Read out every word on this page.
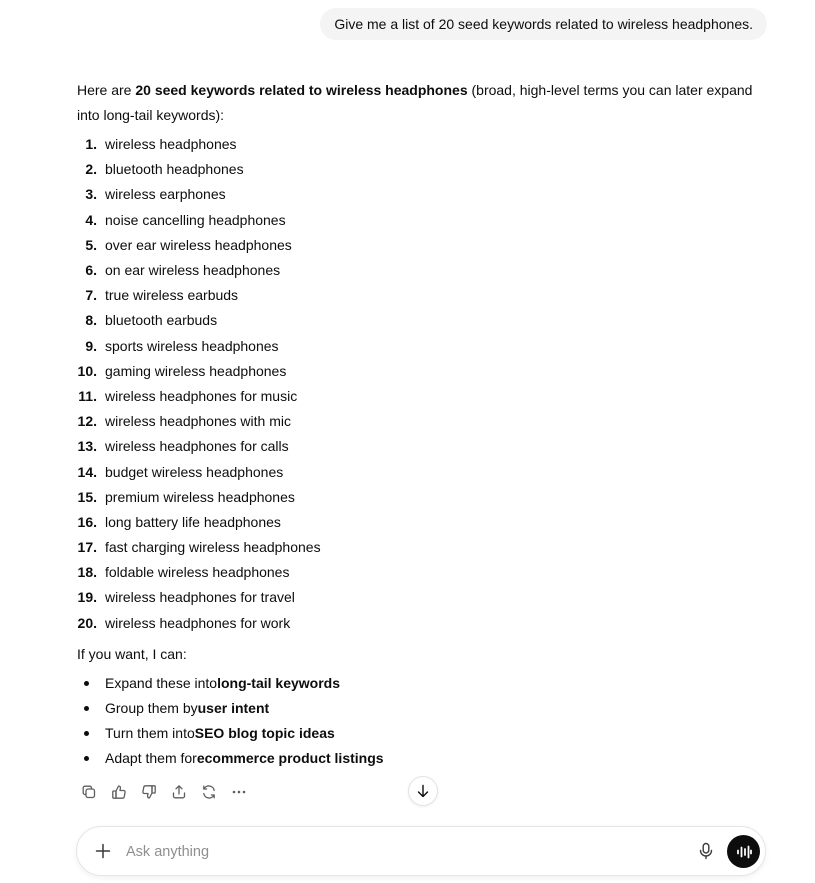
Give me a list of 20 seed keywords related to wireless headphones.

Here are 20 seed keywords related to wireless headphones (broad, high-level terms you can later expand into long-tail keywords):

1. wireless headphones
2. bluetooth headphones
3. wireless earphones
4. noise cancelling headphones
5. over ear wireless headphones
6. on ear wireless headphones
7. true wireless earbuds
8. bluetooth earbuds
9. sports wireless headphones
10. gaming wireless headphones
11. wireless headphones for music
12. wireless headphones with mic
13. wireless headphones for calls
14. budget wireless headphones
15. premium wireless headphones
16. long battery life headphones
17. fast charging wireless headphones
18. foldable wireless headphones
19. wireless headphones for travel
20. wireless headphones for work

If you want, I can:

Expand these into long-tail keywords
Group them by user intent
Turn them into SEO blog topic ideas
Adapt them for ecommerce product listings
Ask anything
